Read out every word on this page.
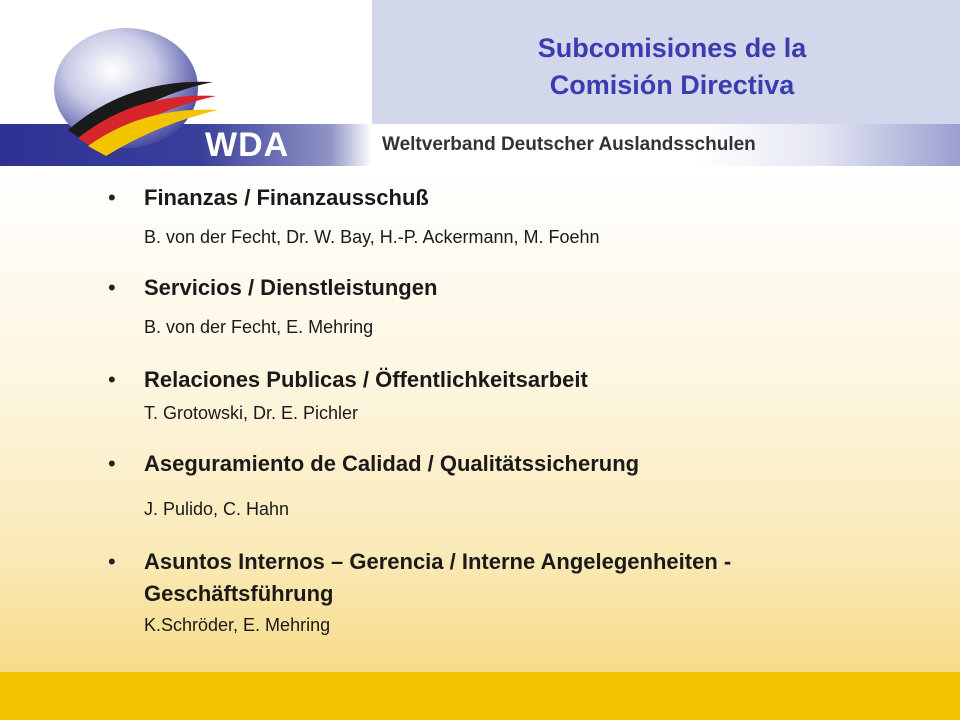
Subcomisiones de la
Comisión Directiva
WDA	Weltverband Deutscher Auslandsschulen
• Finanzas / Finanzausschuß
B. von der Fecht, Dr. W. Bay, H.-P. Ackermann, M. Foehn
• Servicios / Dienstleistungen
B. von der Fecht, E. Mehring
• Relaciones Publicas / Öffentlichkeitsarbeit
T. Grotowski, Dr. E. Pichler
• Aseguramiento de Calidad / Qualitätssicherung
J. Pulido, C. Hahn
• Asuntos Internos – Gerencia / Interne Angelegenheiten -
Geschäftsführung
K.Schröder, E. Mehring
